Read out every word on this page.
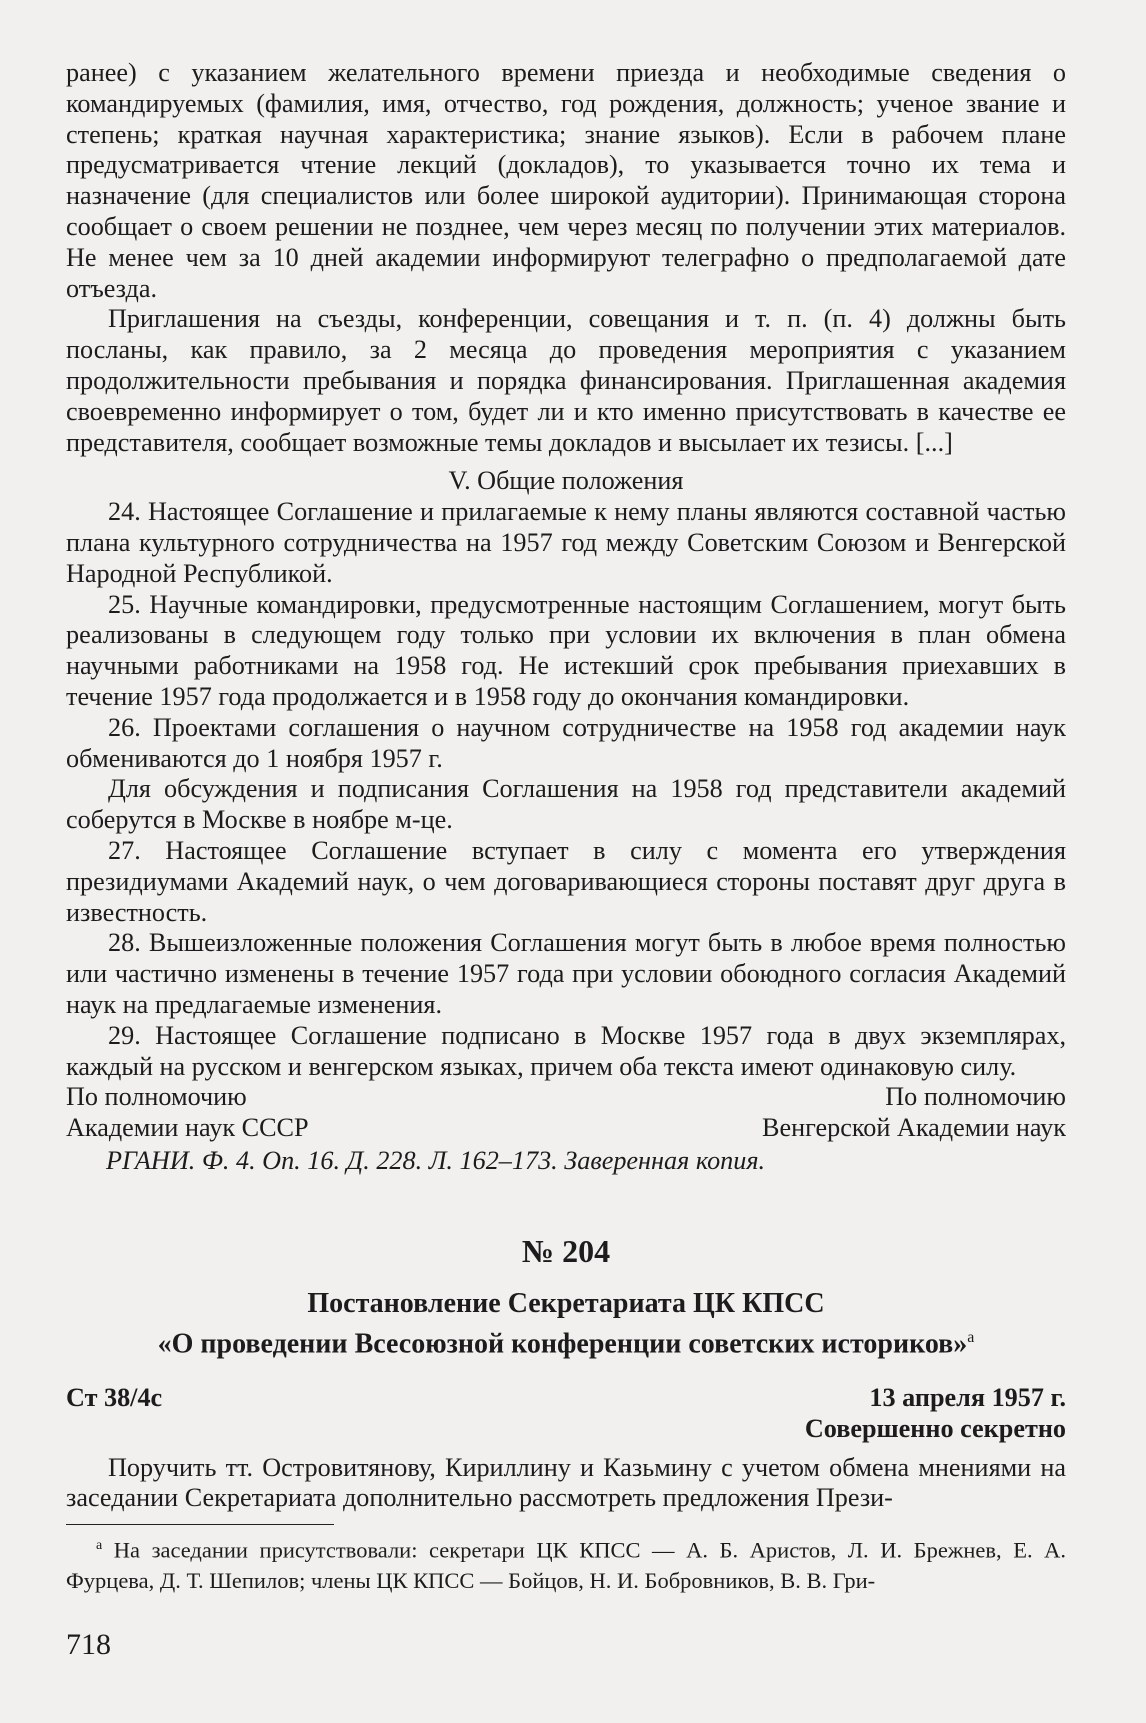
ранее) с указанием желательного времени приезда и необходимые сведения о командируемых (фамилия, имя, отчество, год рождения, должность; ученое звание и степень; краткая научная характеристика; знание языков). Если в рабочем плане предусматривается чтение лекций (докладов), то указывается точно их тема и назначение (для специалистов или более широкой аудитории). Принимающая сторона сообщает о своем решении не позднее, чем через месяц по получении этих материалов. Не менее чем за 10 дней академии информируют телеграфно о предполагаемой дате отъезда.

Приглашения на съезды, конференции, совещания и т. п. (п. 4) должны быть посланы, как правило, за 2 месяца до проведения мероприятия с указанием продолжительности пребывания и порядка финансирования. Приглашенная академия своевременно информирует о том, будет ли и кто именно присутствовать в качестве ее представителя, сообщает возможные темы докладов и высылает их тезисы. [...]

V. Общие положения

24. Настоящее Соглашение и прилагаемые к нему планы являются составной частью плана культурного сотрудничества на 1957 год между Советским Союзом и Венгерской Народной Республикой.

25. Научные командировки, предусмотренные настоящим Соглашением, могут быть реализованы в следующем году только при условии их включения в план обмена научными работниками на 1958 год. Не истекший срок пребывания приехавших в течение 1957 года продолжается и в 1958 году до окончания командировки.

26. Проектами соглашения о научном сотрудничестве на 1958 год академии наук обмениваются до 1 ноября 1957 г.

Для обсуждения и подписания Соглашения на 1958 год представители академий соберутся в Москве в ноябре м-це.

27. Настоящее Соглашение вступает в силу с момента его утверждения президиумами Академий наук, о чем договаривающиеся стороны поставят друг друга в известность.

28. Вышеизложенные положения Соглашения могут быть в любое время полностью или частично изменены в течение 1957 года при условии обоюдного согласия Академий наук на предлагаемые изменения.

29. Настоящее Соглашение подписано в Москве 1957 года в двух экземплярах, каждый на русском и венгерском языках, причем оба текста имеют одинаковую силу.

По полномочию
Академии наук СССР
По полномочию
Венгерской Академии наук

РГАНИ. Ф. 4. Оп. 16. Д. 228. Л. 162–173. Заверенная копия.

№ 204
Постановление Секретариата ЦК КПСС
«О проведении Всесоюзной конференции советских историков»$^а$
Ст 38/4с	13 апреля 1957 г.
Совершенно секретно

Поручить тт. Островитянову, Кириллину и Казьмину с учетом обмена мнениями на заседании Секретариата дополнительно рассмотреть предложения Прези-

$^а$ На заседании присутствовали: секретари ЦК КПСС — А. Б. Аристов, Л. И. Брежнев, Е. А. Фурцева, Д. Т. Шепилов; члены ЦК КПСС — Бойцов, Н. И. Бобровников, В. В. Гри-

718
